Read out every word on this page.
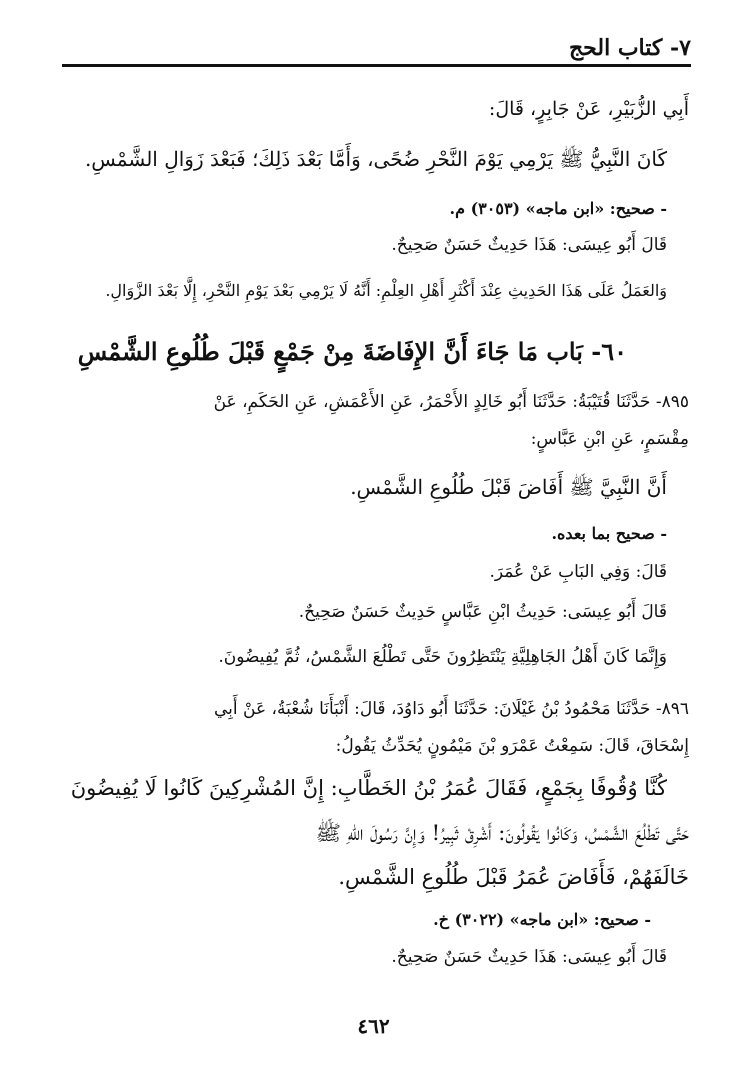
٧- كتاب الحج
أَبِي الزُّبَيْرِ، عَنْ جَابِرٍ، قَالَ:
كَانَ النَّبِيُّ ﷺ يَرْمِي يَوْمَ النَّحْرِ ضُحًى، وَأَمَّا بَعْدَ ذَلِكَ؛ فَبَعْدَ زَوَالِ الشَّمْسِ.
- صحيح: «ابن ماجه» (٣٠٥٣) م.
قَالَ أَبُو عِيسَى: هَذَا حَدِيثٌ حَسَنٌ صَحِيحٌ.
وَالعَمَلُ عَلَى هَذَا الحَدِيثِ عِنْدَ أَكْثَرِ أَهْلِ العِلْمِ: أَنَّهُ لَا يَرْمِي بَعْدَ يَوْمِ النَّحْرِ، إِلَّا بَعْدَ الزَّوَالِ.
٦٠- بَاب مَا جَاءَ أَنَّ الإِفَاضَةَ مِنْ جَمْعٍ قَبْلَ طُلُوعِ الشَّمْسِ
٨٩٥- حَدَّثَنَا قُتَيْبَةُ: حَدَّثَنَا أَبُو خَالِدٍ الأَحْمَرُ، عَنِ الأَعْمَشِ، عَنِ الحَكَمِ، عَنْ
مِقْسَمٍ، عَنِ ابْنِ عَبَّاسٍ:
أَنَّ النَّبِيَّ ﷺ أَفَاضَ قَبْلَ طُلُوعِ الشَّمْسِ.
- صحيح بما بعده.
قَالَ: وَفِي البَابِ عَنْ عُمَرَ.
قَالَ أَبُو عِيسَى: حَدِيثُ ابْنِ عَبَّاسٍ حَدِيثٌ حَسَنٌ صَحِيحٌ.
وَإِنَّمَا كَانَ أَهْلُ الجَاهِلِيَّةِ يَنْتَظِرُونَ حَتَّى تَطْلُعَ الشَّمْسُ، ثُمَّ يُفِيضُونَ.
٨٩٦- حَدَّثَنَا مَحْمُودُ بْنُ غَيْلَانَ: حَدَّثَنَا أَبُو دَاوُدَ، قَالَ: أَنْبَأَنَا شُعْبَةُ، عَنْ أَبِي
إِسْحَاقَ، قَالَ: سَمِعْتُ عَمْرَو بْنَ مَيْمُونٍ يُحَدِّثُ يَقُولُ:
كُنَّا وُقُوفًا بِجَمْعٍ، فَقَالَ عُمَرُ بْنُ الخَطَّابِ: إِنَّ المُشْرِكِينَ كَانُوا لَا يُفِيضُونَ
حَتَّى تَطْلُعَ الشَّمْسُ، وَكَانُوا يَقُولُونَ: أَشْرِقْ ثَبِيرُ! وَإِنَّ رَسُولَ اللهِ ﷺ
خَالَفَهُمْ، فَأَفَاضَ عُمَرُ قَبْلَ طُلُوعِ الشَّمْسِ.
- صحيح: «ابن ماجه» (٣٠٢٢) خ.
قَالَ أَبُو عِيسَى: هَذَا حَدِيثٌ حَسَنٌ صَحِيحٌ.
٤٦٢
